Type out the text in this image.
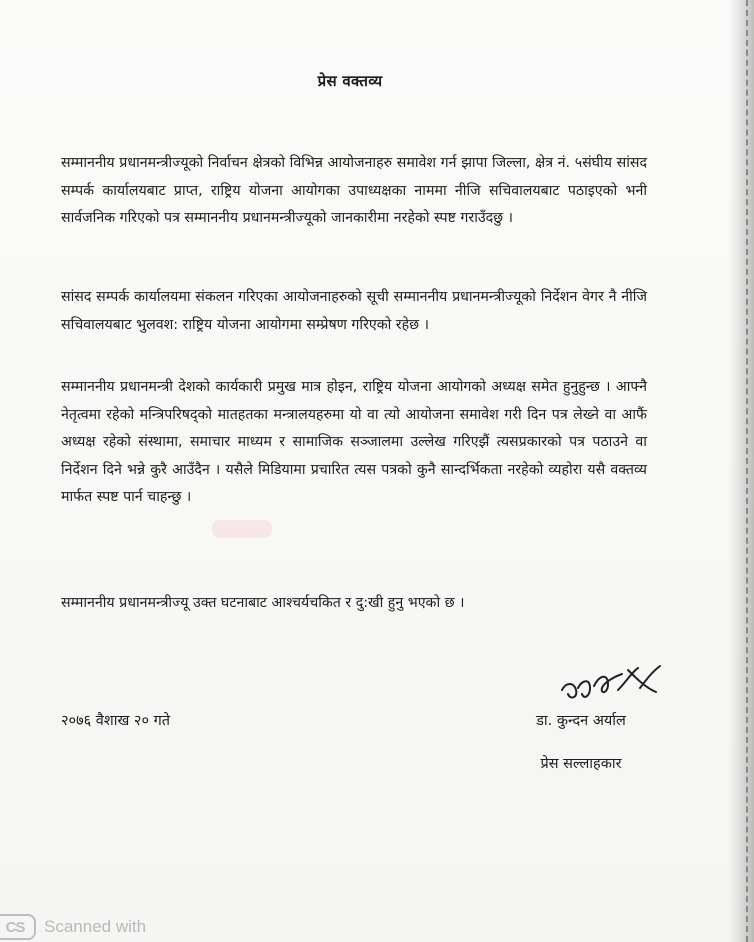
प्रेस वक्तव्य

सम्माननीय प्रधानमन्त्रीज्यूको निर्वाचन क्षेत्रको विभिन्न आयोजनाहरु समावेश गर्न झापा जिल्ला, क्षेत्र नं. ५संघीय सांसद सम्पर्क कार्यालयबाट प्राप्त, राष्ट्रिय योजना आयोगका उपाध्यक्षका नाममा नीजि सचिवालयबाट पठाइएको भनी सार्वजनिक गरिएको पत्र सम्माननीय प्रधानमन्त्रीज्यूको जानकारीमा नरहेको स्पष्ट गराउँदछु ।

सांसद सम्पर्क कार्यालयमा संकलन गरिएका आयोजनाहरुको सूची सम्माननीय प्रधानमन्त्रीज्यूको निर्देशन वेगर नै नीजि सचिवालयबाट भुलवश: राष्ट्रिय योजना आयोगमा सम्प्रेषण गरिएको रहेछ ।

सम्माननीय प्रधानमन्त्री देशको कार्यकारी प्रमुख मात्र होइन, राष्ट्रिय योजना आयोगको अध्यक्ष समेत हुनुहुन्छ । आफ्नै नेतृत्वमा रहेको मन्त्रिपरिषद्को मातहतका मन्त्रालयहरुमा यो वा त्यो आयोजना समावेश गरी दिन पत्र लेख्ने वा आफैं अध्यक्ष रहेको संस्थामा, समाचार माध्यम र सामाजिक सञ्जालमा उल्लेख गरिएझैं त्यसप्रकारको पत्र पठाउने वा निर्देशन दिने भन्ने कुरै आउँदैन । यसैले मिडियामा प्रचारित त्यस पत्रको कुनै सान्दर्भिकता नरहेको व्यहोरा यसै वक्तव्य मार्फत स्पष्ट पार्न चाहन्छु ।

सम्माननीय प्रधानमन्त्रीज्यू उक्त घटनाबाट आश्चर्यचकित र दु:खी हुनु भएको छ ।

२०७६ वैशाख २० गते	डा. कुन्दन अर्याल
प्रेस सल्लाहकार
CS	Scanned with
